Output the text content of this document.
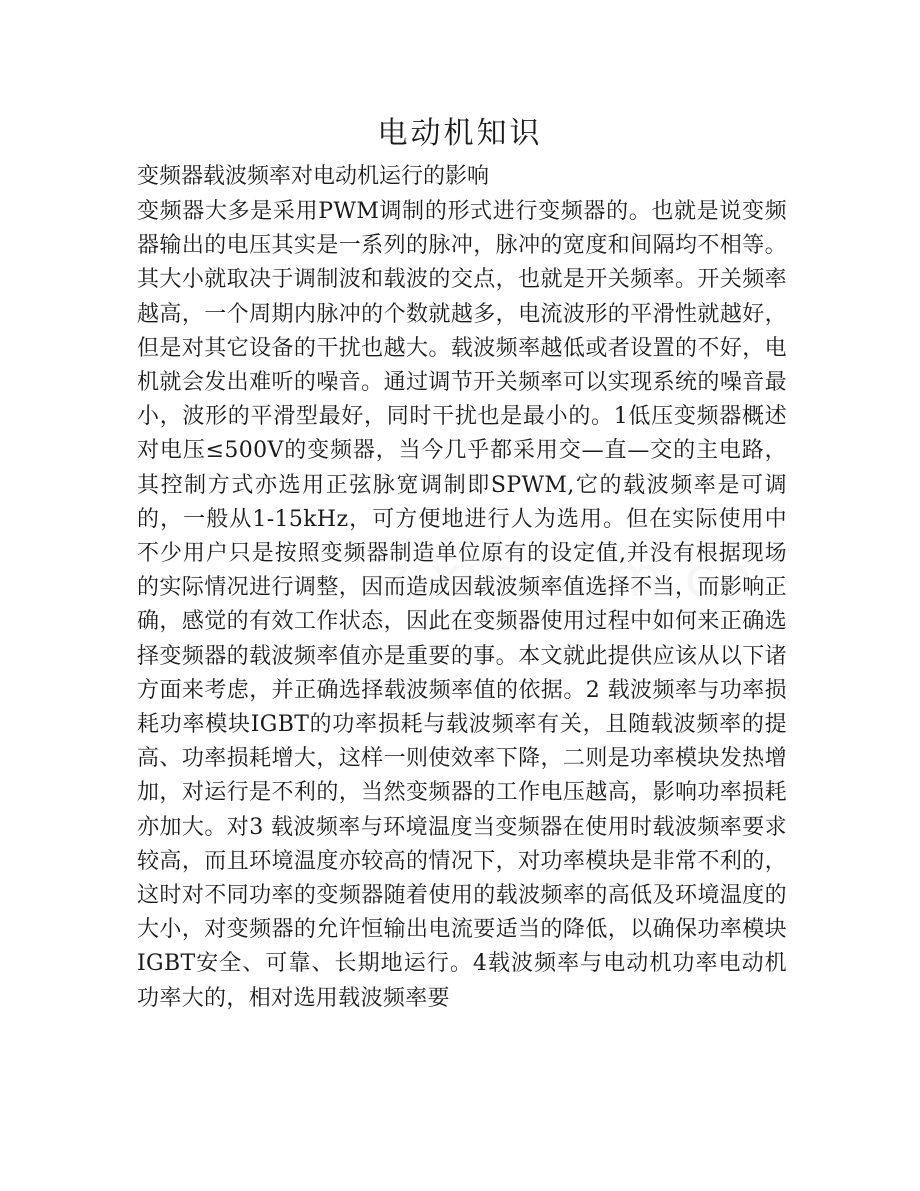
电动机知识

变频器载波频率对电动机运行的影响

变频器大多是采用PWM调制的形式进行变频器的。也就是说变频器输出的电压其实是一系列的脉冲，脉冲的宽度和间隔均不相等。其大小就取决于调制波和载波的交点，也就是开关频率。开关频率越高，一个周期内脉冲的个数就越多，电流波形的平滑性就越好，但是对其它设备的干扰也越大。载波频率越低或者设置的不好，电机就会发出难听的噪音。通过调节开关频率可以实现系统的噪音最小，波形的平滑型最好，同时干扰也是最小的。1低压变频器概述对电压≤500V的变频器，当今几乎都采用交—直—交的主电路，其控制方式亦选用正弦脉宽调制即SPWM,它的载波频率是可调的，一般从1-15kHz，可方便地进行人为选用。但在实际使用中不少用户只是按照变频器制造单位原有的设定值,并没有根据现场的实际情况进行调整，因而造成因载波频率值选择不当，而影响正确，感觉的有效工作状态，因此在变频器使用过程中如何来正确选择变频器的载波频率值亦是重要的事。本文就此提供应该从以下诸方面来考虑，并正确选择载波频率值的依据。2 载波频率与功率损耗功率模块IGBT的功率损耗与载波频率有关，且随载波频率的提高、功率损耗增大，这样一则使效率下降，二则是功率模块发热增加，对运行是不利的，当然变频器的工作电压越高，影响功率损耗亦加大。对3 载波频率与环境温度当变频器在使用时载波频率要求较高，而且环境温度亦较高的情况下，对功率模块是非常不利的，这时对不同功率的变频器随着使用的载波频率的高低及环境温度的大小，对变频器的允许恒输出电流要适当的降低，以确保功率模块IGBT安全、可靠、长期地运行。4载波频率与电动机功率电动机功率大的，相对选用载波频率要
